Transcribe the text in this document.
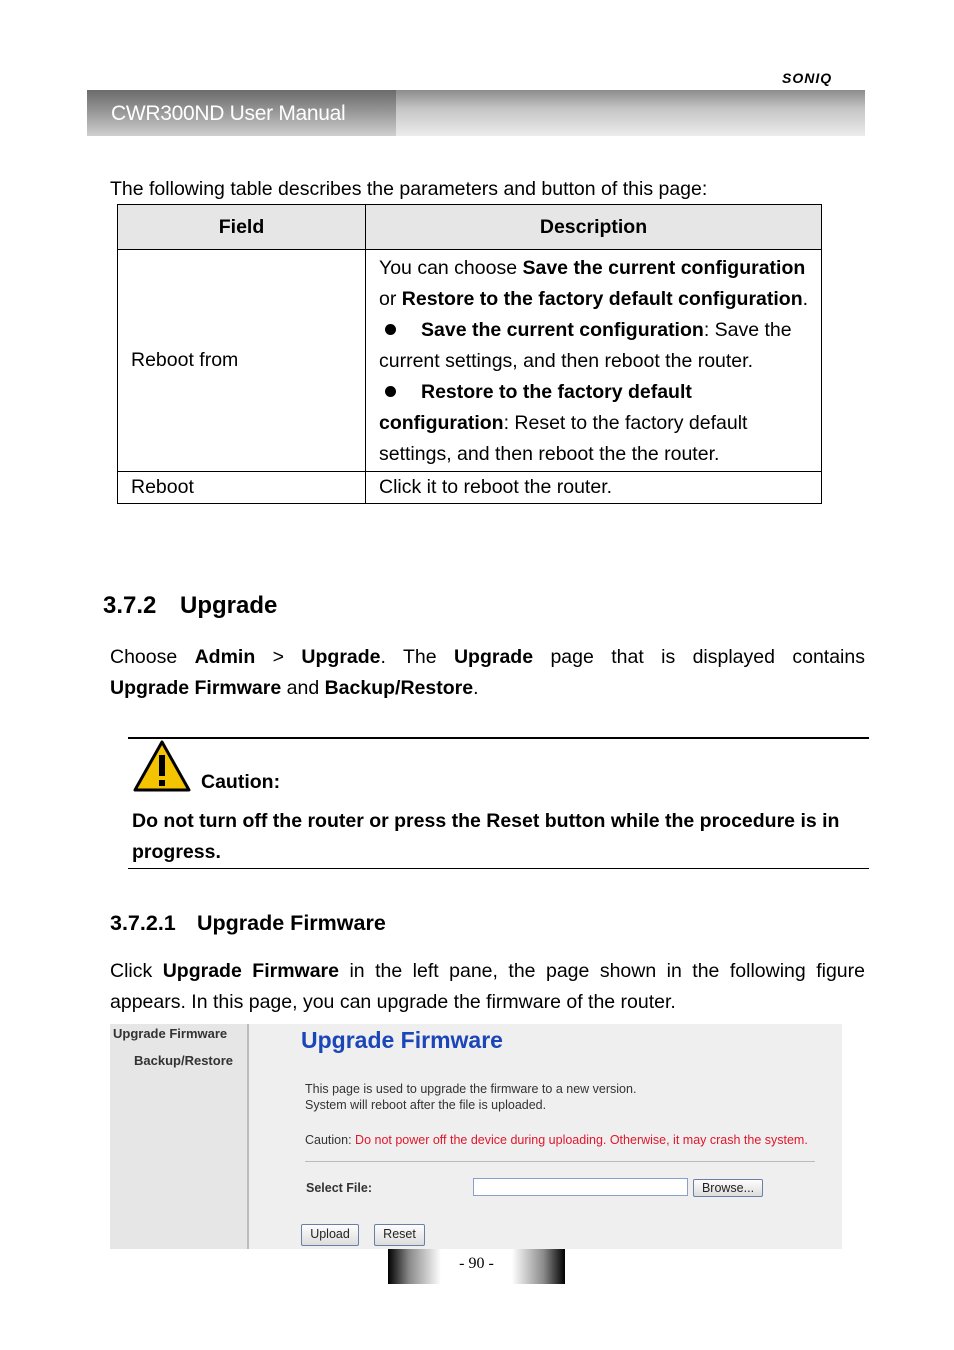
SONIQ
CWR300ND User Manual
The following table describes the parameters and button of this page:
Field	Description
Reboot from	You can choose Save the current configuration or Restore to the factory default configuration.
Save the current configuration: Save the current settings, and then reboot the router.
Restore to the factory default configuration: Reset to the factory default settings, and then reboot the the router.
Reboot	Click it to reboot the router.
3.7.2 Upgrade
Choose Admin > Upgrade. The Upgrade page that is displayed contains
Upgrade Firmware and Backup/Restore.
Caution:
Do not turn off the router or press the Reset button while the procedure is in progress.
3.7.2.1 Upgrade Firmware
Click Upgrade Firmware in the left pane, the page shown in the following figure appears. In this page, you can upgrade the firmware of the router.
Upgrade Firmware
Backup/Restore
Upgrade Firmware
This page is used to upgrade the firmware to a new version.
System will reboot after the file is uploaded.
Caution: Do not power off the device during uploading. Otherwise, it may crash the system.
Select File:	Browse...
Upload	Reset
- 90 -
